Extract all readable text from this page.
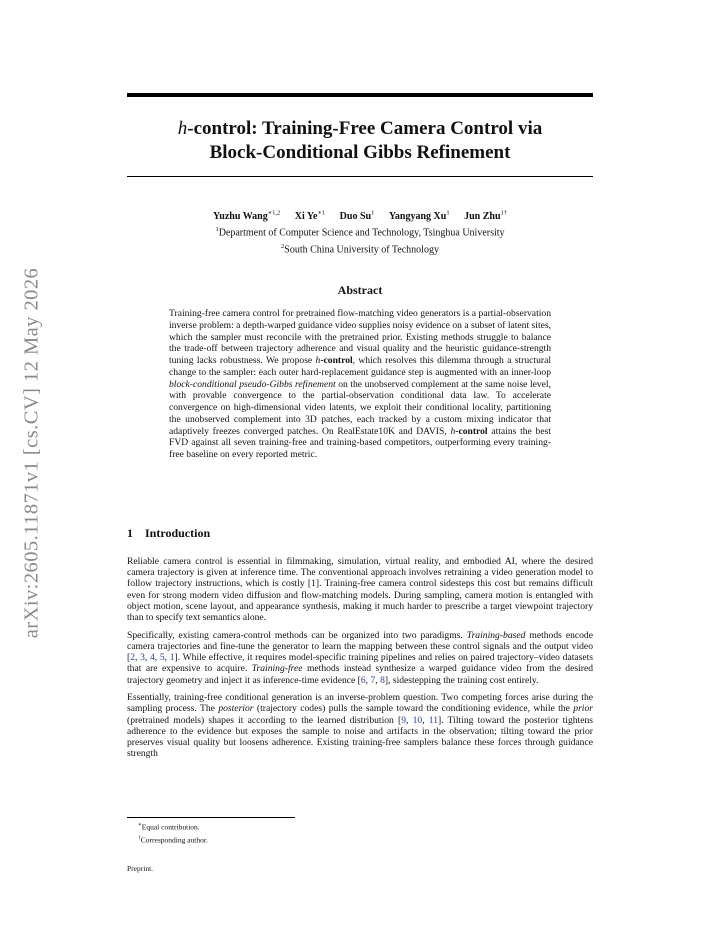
arXiv:2605.11871v1 [cs.CV] 12 May 2026
h-control: Training-Free Camera Control via
Block-Conditional Gibbs Refinement
Yuzhu Wang$^{∗1,2}$ Xi $Ye^{∗1}$ Duo Su$^1$ Yangyang Xu$^1$ Jun Zhu$^{1\dagger}$
$^1$Department of Computer Science and Technology, Tsinghua University
$^2$South China University of Technology
Abstract
Training-free camera control for pretrained flow-matching video generators is a partial-observation inverse problem: a depth-warped guidance video supplies noisy evidence on a subset of latent sites, which the sampler must reconcile with the pretrained prior. Existing methods struggle to balance the trade-off between trajectory adherence and visual quality and the heuristic guidance-strength tuning lacks robustness. We propose h-control, which resolves this dilemma through a structural change to the sampler: each outer hard-replacement guidance step is augmented with an inner-loop block-conditional pseudo-Gibbs refinement on the unobserved complement at the same noise level, with provable convergence to the partial-observation conditional data law. To accelerate convergence on high-dimensional video latents, we exploit their conditional locality, partitioning the unobserved complement into 3D patches, each tracked by a custom mixing indicator that adaptively freezes converged patches. On RealEstate10K and DAVIS, h-control attains the best FVD against all seven training-free and training-based competitors, outperforming every training-free baseline on every reported metric.
1 Introduction

Reliable camera control is essential in filmmaking, simulation, virtual reality, and embodied AI, where the desired camera trajectory is given at inference time. The conventional approach involves retraining a video generation model to follow trajectory instructions, which is costly [1]. Training-free camera control sidesteps this cost but remains difficult even for strong modern video diffusion and flow-matching models. During sampling, camera motion is entangled with object motion, scene layout, and appearance synthesis, making it much harder to prescribe a target viewpoint trajectory than to specify text semantics alone.

Specifically, existing camera-control methods can be organized into two paradigms. Training-based methods encode camera trajectories and fine-tune the generator to learn the mapping between these control signals and the output video [2, 3, 4, 5, 1]. While effective, it requires model-specific training pipelines and relies on paired trajectory–video datasets that are expensive to acquire. Training-free methods instead synthesize a warped guidance video from the desired trajectory geometry and inject it as inference-time evidence [6, 7, 8], sidestepping the training cost entirely.

Essentially, training-free conditional generation is an inverse-problem question. Two competing forces arise during the sampling process. The posterior (trajectory codes) pulls the sample toward the conditioning evidence, while the prior (pretrained models) shapes it according to the learned distribution [9, 10, 11]. Tilting toward the posterior tightens adherence to the evidence but exposes the sample to noise and artifacts in the observation; tilting toward the prior preserves visual quality but loosens adherence. Existing training-free samplers balance these forces through guidance strength

∗Equal contribution.
†Corresponding author.
Preprint.
